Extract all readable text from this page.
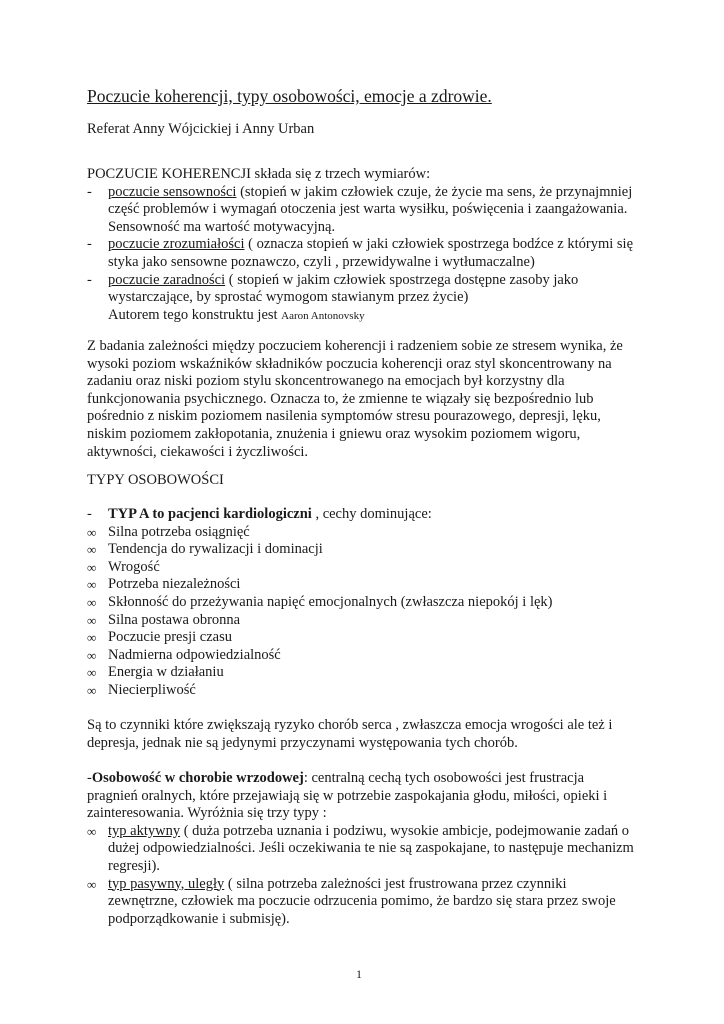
Poczucie koherencji, typy osobowości, emocje a zdrowie.
Referat Anny Wójcickiej i Anny Urban
POCZUCIE KOHERENCJI składa się z trzech wymiarów:
- poczucie sensowności (stopień w jakim człowiek czuje, że życie ma sens, że przynajmniej
część problemów i wymagań otoczenia jest warta wysiłku, poświęcenia i zaangażowania.
Sensowność ma wartość motywacyjną.
- poczucie zrozumiałości ( oznacza stopień w jaki człowiek spostrzega bodźce z którymi się
styka jako sensowne poznawczo, czyli , przewidywalne i wytłumaczalne)
- poczucie zaradności ( stopień w jakim człowiek spostrzega dostępne zasoby jako
wystarczające, by sprostać wymogom stawianym przez życie)
Autorem tego konstruktu jest Aaron Antonovsky
Z badania zależności między poczuciem koherencji i radzeniem sobie ze stresem wynika, że
wysoki poziom wskaźników składników poczucia koherencji oraz styl skoncentrowany na
zadaniu oraz niski poziom stylu skoncentrowanego na emocjach był korzystny dla
funkcjonowania psychicznego. Oznacza to, że zmienne te wiązały się bezpośrednio lub
pośrednio z niskim poziomem nasilenia symptomów stresu pourazowego, depresji, lęku,
niskim poziomem zakłopotania, znużenia i gniewu oraz wysokim poziomem wigoru,
aktywności, ciekawości i życzliwości.
TYPY OSOBOWOŚCI
- TYP A to pacjenci kardiologiczni , cechy dominujące:
∞ Silna potrzeba osiągnięć
∞ Tendencja do rywalizacji i dominacji
∞ Wrogość
∞ Potrzeba niezależności
∞ Skłonność do przeżywania napięć emocjonalnych (zwłaszcza niepokój i lęk)
∞ Silna postawa obronna
∞ Poczucie presji czasu
∞ Nadmierna odpowiedzialność
∞ Energia w działaniu
∞ Niecierpliwość
Są to czynniki które zwiększają ryzyko chorób serca , zwłaszcza emocja wrogości ale też i
depresja, jednak nie są jedynymi przyczynami występowania tych chorób.
-Osobowość w chorobie wrzodowej: centralną cechą tych osobowości jest frustracja
pragnień oralnych, które przejawiają się w potrzebie zaspokajania głodu, miłości, opieki i
zainteresowania. Wyróżnia się trzy typy :
∞ typ aktywny ( duża potrzeba uznania i podziwu, wysokie ambicje, podejmowanie zadań o
dużej odpowiedzialności. Jeśli oczekiwania te nie są zaspokajane, to następuje mechanizm
regresji).
∞ typ pasywny, uległy ( silna potrzeba zależności jest frustrowana przez czynniki
zewnętrzne, człowiek ma poczucie odrzucenia pomimo, że bardzo się stara przez swoje
podporządkowanie i submisję).
1
